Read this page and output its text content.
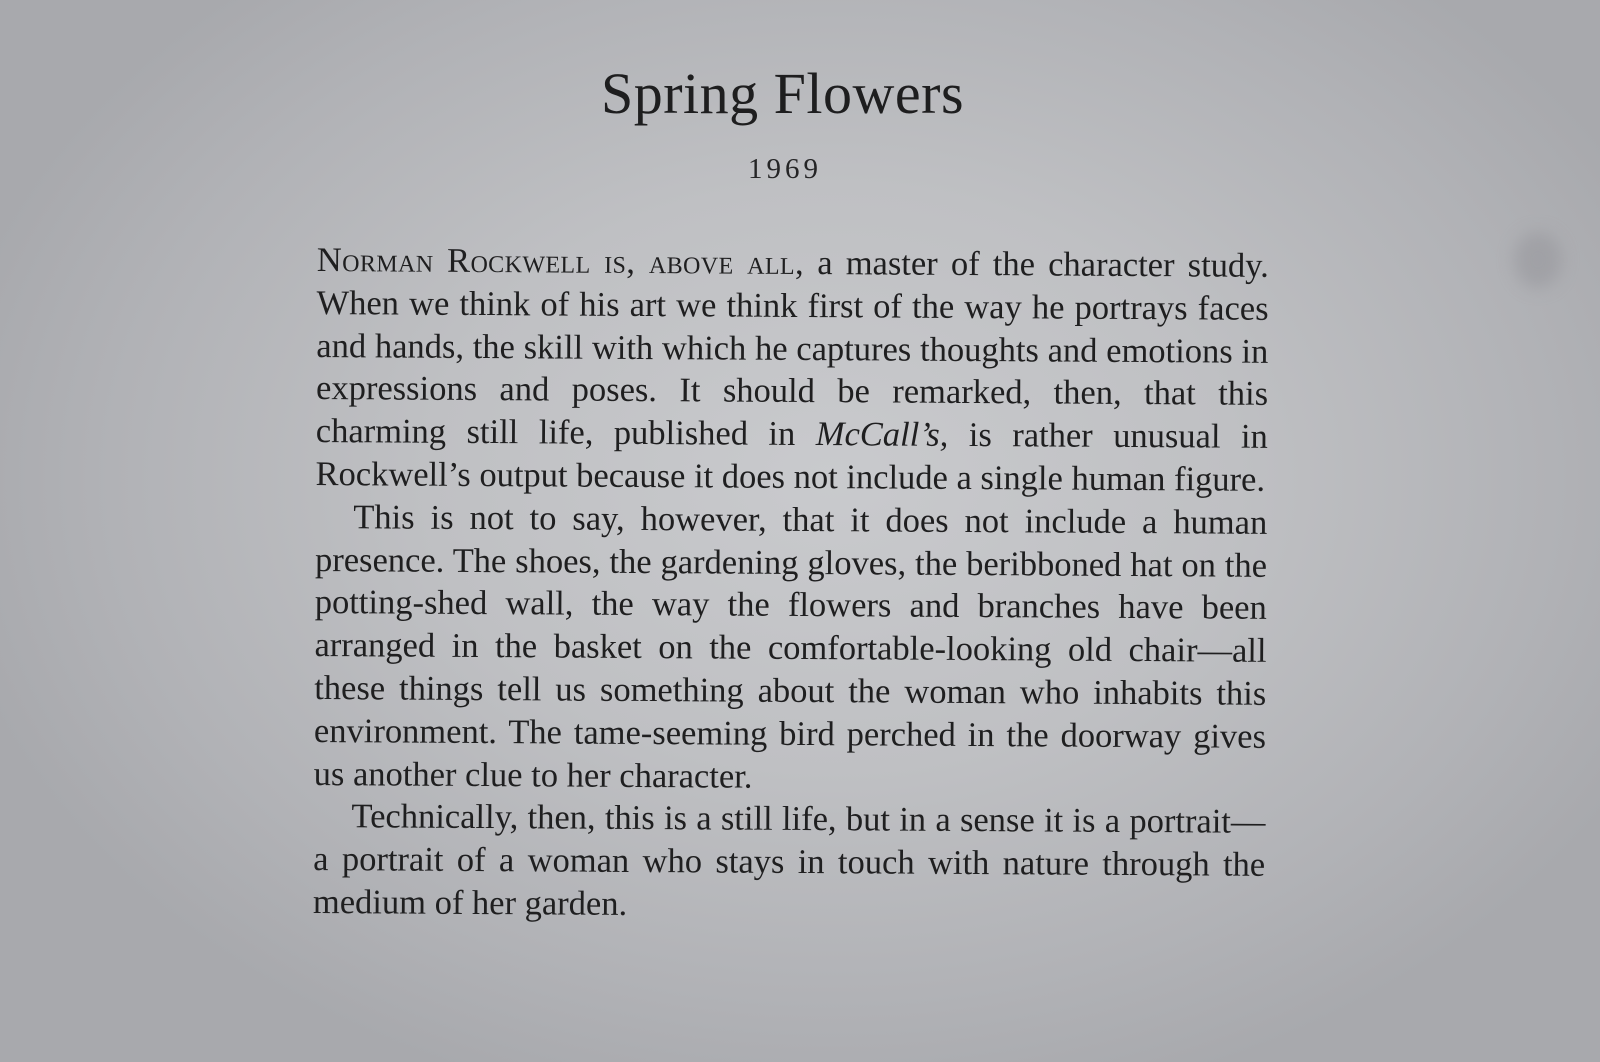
Spring Flowers
1969

Norman Rockwell is, above all, a master of the character study. When we think of his art we think first of the way he portrays faces and hands, the skill with which he captures thoughts and emotions in expressions and poses. It should be remarked, then, that this charming still life, published in McCall’s, is rather unusual in Rockwell’s output because it does not include a single human figure.

This is not to say, however, that it does not include a human presence. The shoes, the gardening gloves, the beribboned hat on the potting-shed wall, the way the flowers and branches have been arranged in the basket on the comfortable-looking old chair—all these things tell us something about the woman who inhabits this environment. The tame-seeming bird perched in the doorway gives us another clue to her character.

Technically, then, this is a still life, but in a sense it is a portrait—a portrait of a woman who stays in touch with nature through the medium of her garden.
